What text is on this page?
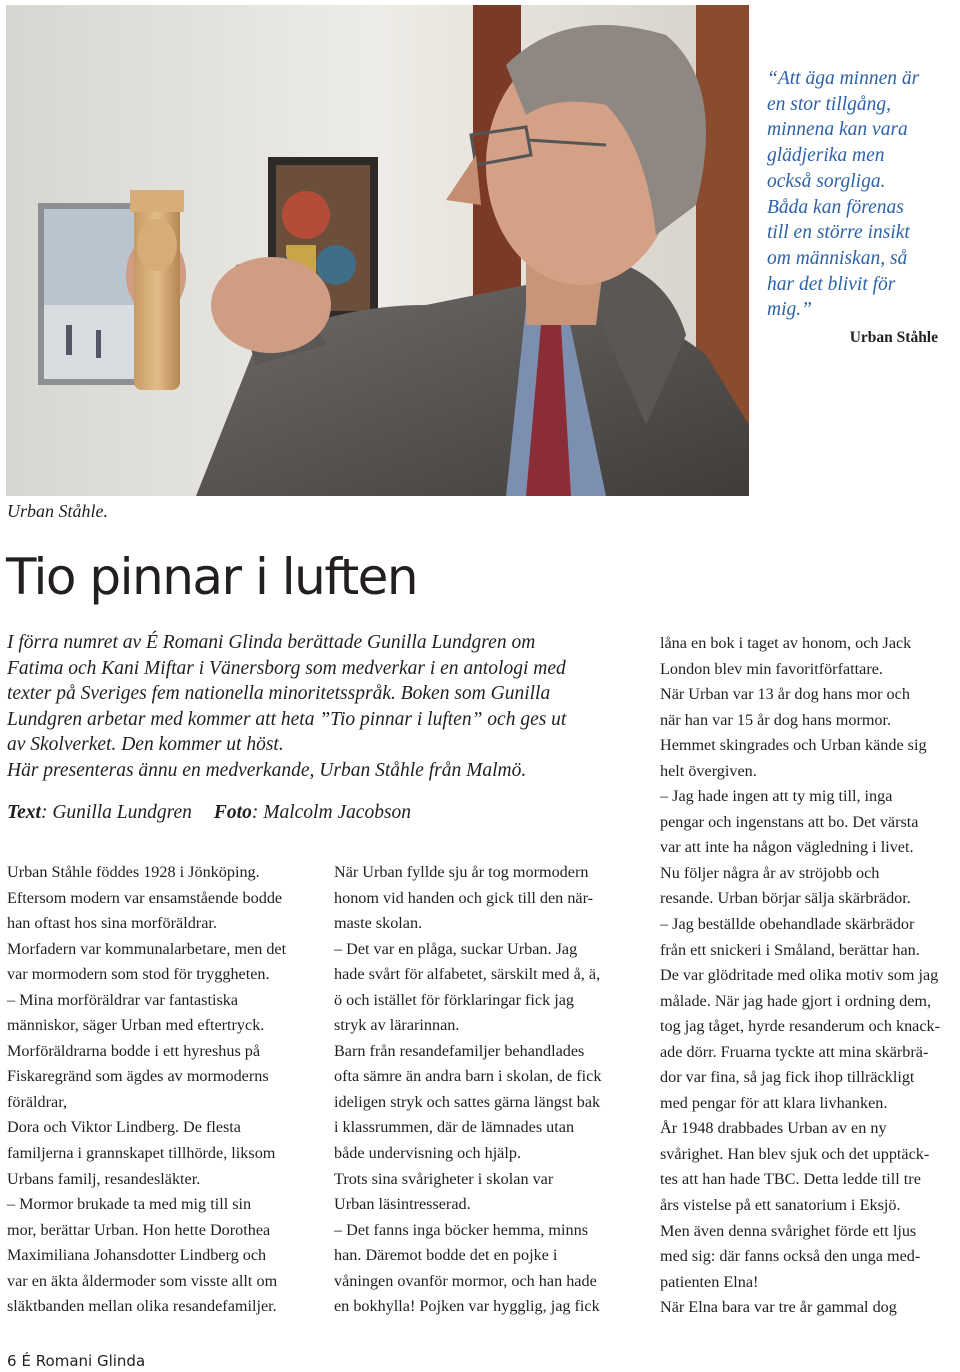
Urban Ståhle.
“Att äga minnen är
en stor tillgång,
minnena kan vara
glädjerika men
också sorgliga.
Båda kan förenas
till en större insikt
om människan, så
har det blivit för
mig.”
Urban Ståhle
Tio pinnar i luften

I förra numret av É Romani Glinda berättade Gunilla Lundgren om

Fatima och Kani Miftar i Vänersborg som medverkar i en antologi med

texter på Sveriges fem nationella minoritetsspråk. Boken som Gunilla

Lundgren arbetar med kommer att heta ”Tio pinnar i luften” och ges ut

av Skolverket. Den kommer ut höst.

Här presenteras ännu en medverkande, Urban Ståhle från Malmö.

Text: Gunilla Lundgren Foto: Malcolm Jacobson

Urban Ståhle föddes 1928 i Jönköping.

Eftersom modern var ensamstående bodde

han oftast hos sina morföräldrar.

Morfadern var kommunalarbetare, men det

var mormodern som stod för tryggheten.

– Mina morföräldrar var fantastiska

människor, säger Urban med eftertryck.

Morföräldrarna bodde i ett hyreshus på

Fiskaregränd som ägdes av mormoderns

föräldrar,

Dora och Viktor Lindberg. De flesta

familjerna i grannskapet tillhörde, liksom

Urbans familj, resandesläkter.

– Mormor brukade ta med mig till sin

mor, berättar Urban. Hon hette Dorothea

Maximiliana Johansdotter Lindberg och

var en äkta åldermoder som visste allt om

släktbanden mellan olika resandefamiljer.

När Urban fyllde sju år tog mormodern

honom vid handen och gick till den när-

maste skolan.

– Det var en plåga, suckar Urban. Jag

hade svårt för alfabetet, särskilt med å, ä,

ö och istället för förklaringar fick jag

stryk av lärarinnan.

Barn från resandefamiljer behandlades

ofta sämre än andra barn i skolan, de fick

ideligen stryk och sattes gärna längst bak

i klassrummen, där de lämnades utan

både undervisning och hjälp.

Trots sina svårigheter i skolan var

Urban läsintresserad.

– Det fanns inga böcker hemma, minns

han. Däremot bodde det en pojke i

våningen ovanför mormor, och han hade

en bokhylla! Pojken var hygglig, jag fick

låna en bok i taget av honom, och Jack

London blev min favoritförfattare.

När Urban var 13 år dog hans mor och

när han var 15 år dog hans mormor.

Hemmet skingrades och Urban kände sig

helt övergiven.

– Jag hade ingen att ty mig till, inga

pengar och ingenstans att bo. Det värsta

var att inte ha någon vägledning i livet.

Nu följer några år av ströjobb och

resande. Urban börjar sälja skärbrädor.

– Jag beställde obehandlade skärbrädor

från ett snickeri i Småland, berättar han.

De var glödritade med olika motiv som jag

målade. När jag hade gjort i ordning dem,

tog jag tåget, hyrde resanderum och knack-

ade dörr. Fruarna tyckte att mina skärbrä-

dor var fina, så jag fick ihop tillräckligt

med pengar för att klara livhanken.

År 1948 drabbades Urban av en ny

svårighet. Han blev sjuk och det upptäck-

tes att han hade TBC. Detta ledde till tre

års vistelse på ett sanatorium i Eksjö.

Men även denna svårighet förde ett ljus

med sig: där fanns också den unga med-

patienten Elna!

När Elna bara var tre år gammal dog

6 É Romani Glinda
